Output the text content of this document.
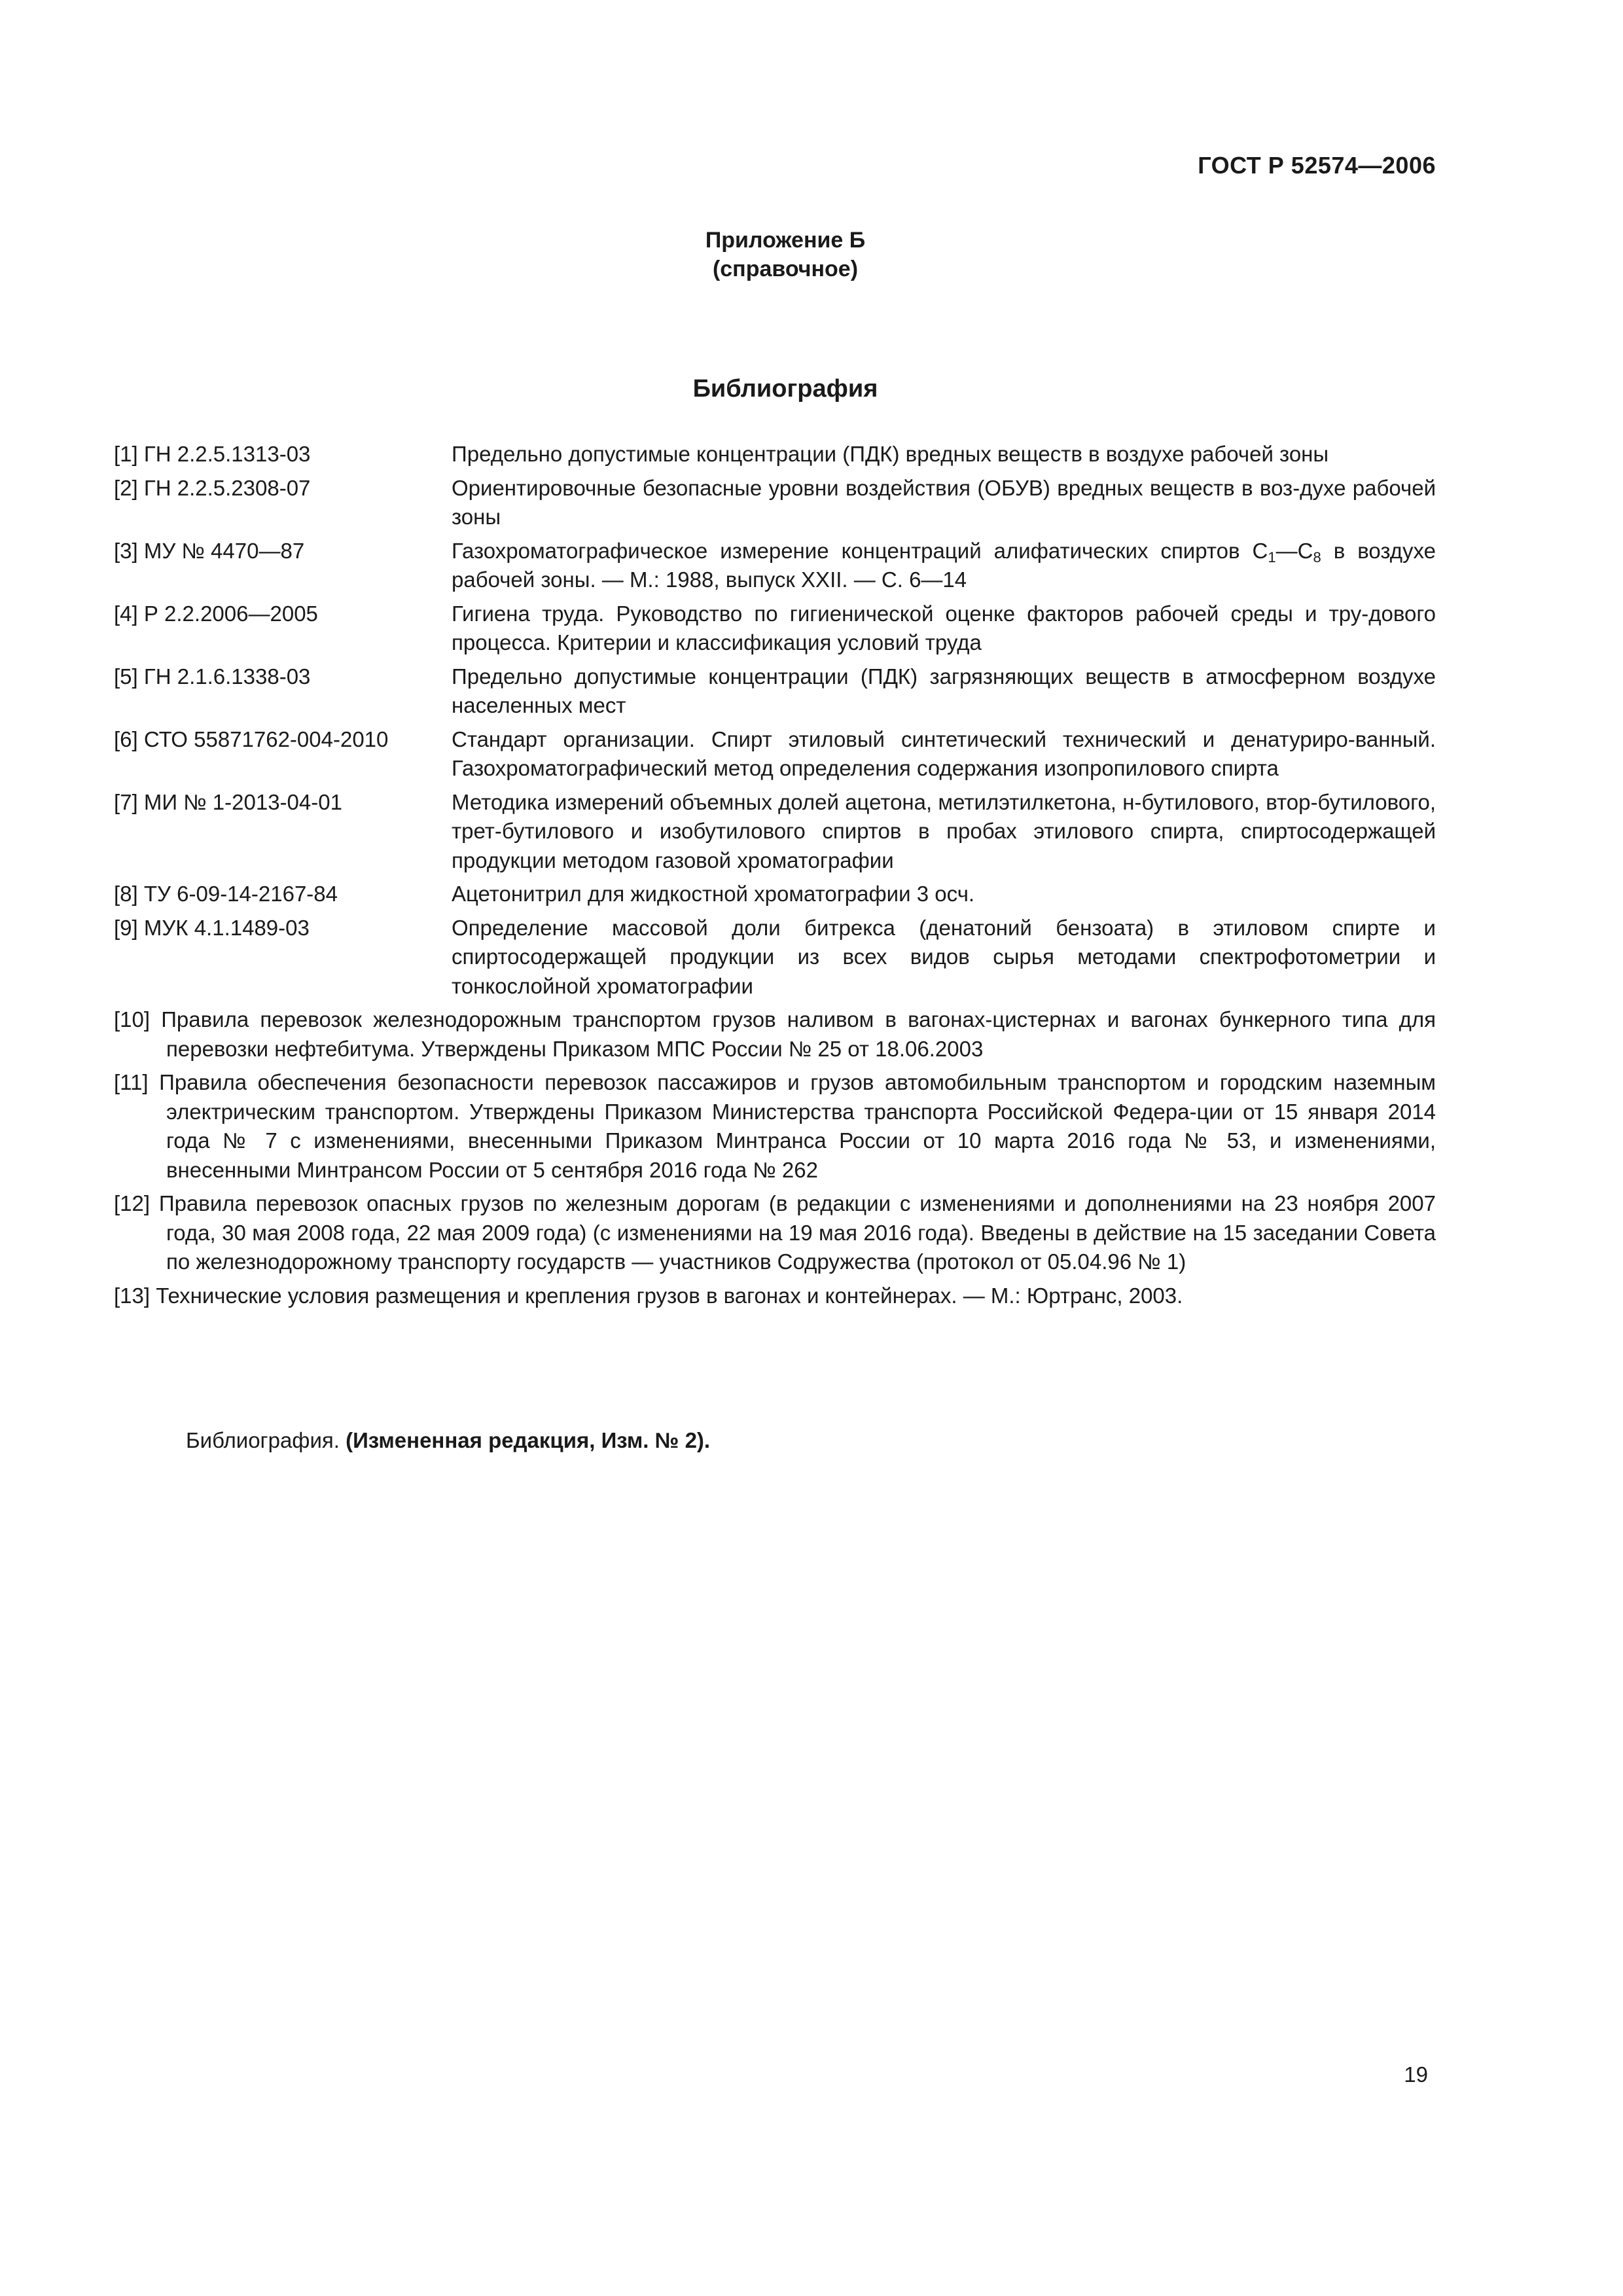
ГОСТ Р 52574—2006
Приложение Б
(справочное)
Библиография
[1] ГН 2.2.5.1313-03	Предельно допустимые концентрации (ПДК) вредных веществ в воздухе рабочей зоны
[2] ГН 2.2.5.2308-07	Ориентировочные безопасные уровни воздействия (ОБУВ) вредных веществ в воз-духе рабочей зоны
[3] МУ № 4470—87	Газохроматографическое измерение концентраций алифатических спиртов $С_1—С_8$ в воздухе рабочей зоны. — М.: 1988, выпуск XXII. — С. 6—14
[4] Р 2.2.2006—2005	Гигиена труда. Руководство по гигиенической оценке факторов рабочей среды и тру-дового процесса. Критерии и классификация условий труда
[5] ГН 2.1.6.1338-03	Предельно допустимые концентрации (ПДК) загрязняющих веществ в атмосферном воздухе населенных мест
[6] СТО 55871762-004-2010	Стандарт организации. Спирт этиловый синтетический технический и денатуриро-ванный. Газохроматографический метод определения содержания изопропилового спирта
[7] МИ № 1-2013-04-01	Методика измерений объемных долей ацетона, метилэтилкетона, н-бутилового, втор-бутилового, трет-бутилового и изобутилового спиртов в пробах этилового спирта, спиртосодержащей продукции методом газовой хроматографии
[8] ТУ 6-09-14-2167-84	Ацетонитрил для жидкостной хроматографии 3 осч.
[9] МУК 4.1.1489-03	Определение массовой доли битрекса (денатоний бензоата) в этиловом спирте и спиртосодержащей продукции из всех видов сырья методами спектрофотометрии и тонкослойной хроматографии
[10] Правила перевозок железнодорожным транспортом грузов наливом в вагонах-цистернах и вагонах бункерного типа для перевозки нефтебитума. Утверждены Приказом МПС России № 25 от 18.06.2003
[11] Правила обеспечения безопасности перевозок пассажиров и грузов автомобильным транспортом и городским наземным электрическим транспортом. Утверждены Приказом Министерства транспорта Российской Федера-ции от 15 января 2014 года № 7 с изменениями, внесенными Приказом Минтранса России от 10 марта 2016 года № 53, и изменениями, внесенными Минтрансом России от 5 сентября 2016 года № 262
[12] Правила перевозок опасных грузов по железным дорогам (в редакции с изменениями и дополнениями на 23 ноября 2007 года, 30 мая 2008 года, 22 мая 2009 года) (с изменениями на 19 мая 2016 года). Введены в действие на 15 заседании Совета по железнодорожному транспорту государств — участников Содружества (протокол от 05.04.96 № 1)
[13] Технические условия размещения и крепления грузов в вагонах и контейнерах. — М.: Юртранс, 2003.
Библиография. (Измененная редакция, Изм. № 2).
19
